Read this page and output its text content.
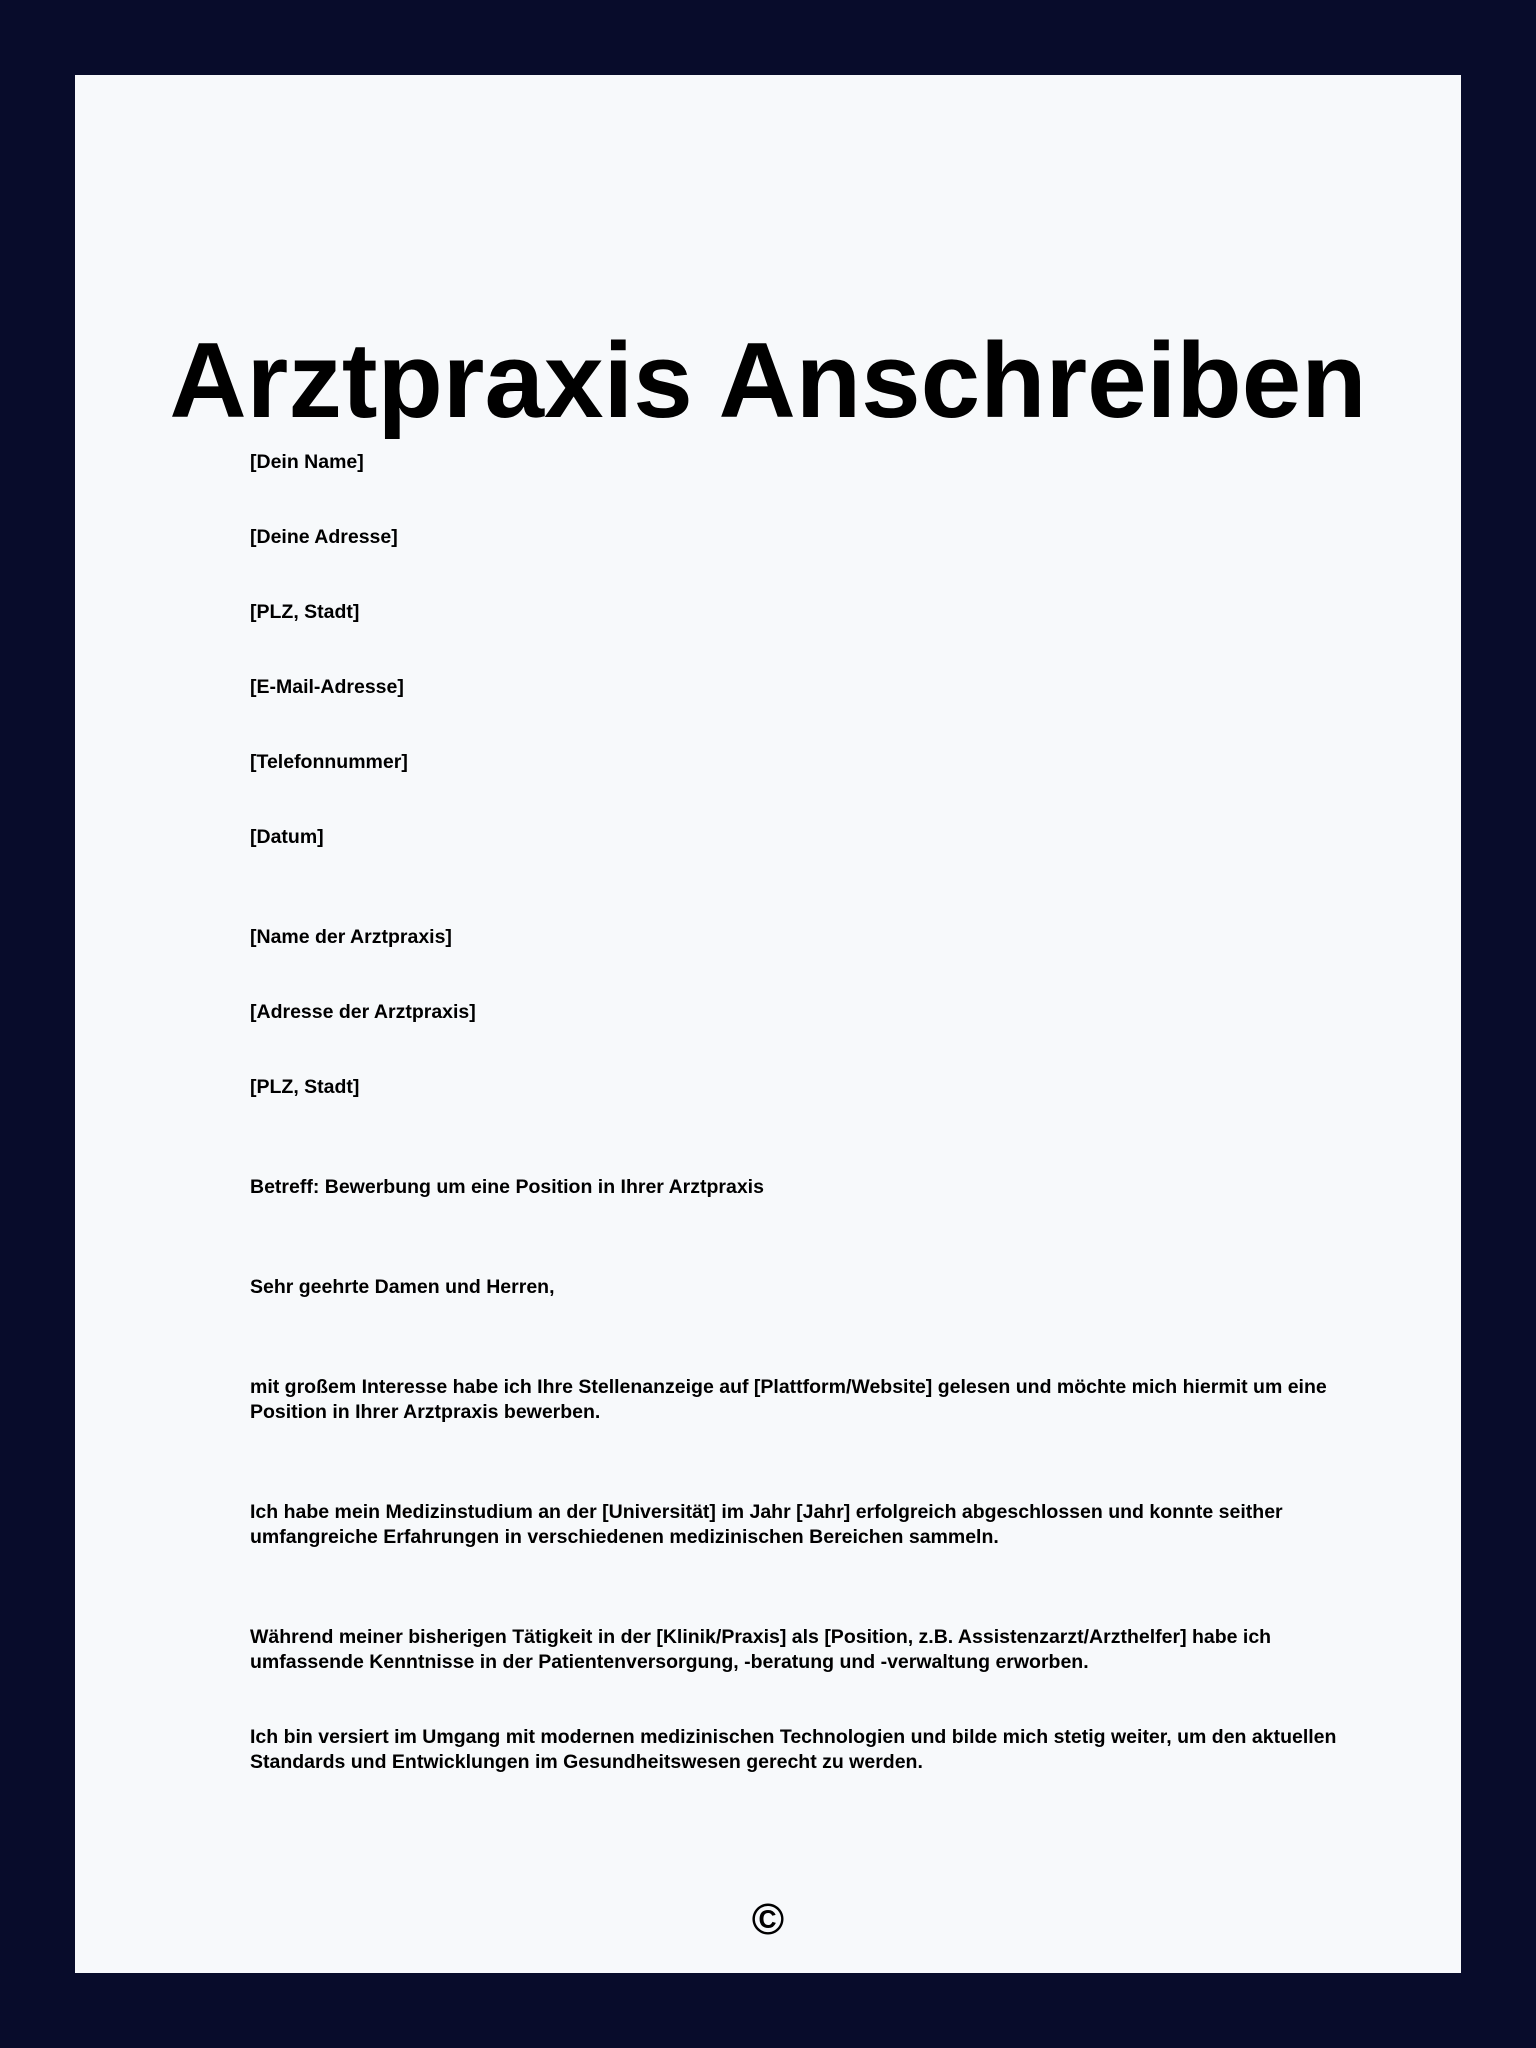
Arztpraxis Anschreiben

[Dein Name]

[Deine Adresse]

[PLZ, Stadt]

[E-Mail-Adresse]

[Telefonnummer]

[Datum]

[Name der Arztpraxis]

[Adresse der Arztpraxis]

[PLZ, Stadt]

Betreff: Bewerbung um eine Position in Ihrer Arztpraxis

Sehr geehrte Damen und Herren,

mit großem Interesse habe ich Ihre Stellenanzeige auf [Plattform/Website] gelesen und möchte mich hiermit um eine Position in Ihrer Arztpraxis bewerben.

Ich habe mein Medizinstudium an der [Universität] im Jahr [Jahr] erfolgreich abgeschlossen und konnte seither umfangreiche Erfahrungen in verschiedenen medizinischen Bereichen sammeln.

Während meiner bisherigen Tätigkeit in der [Klinik/Praxis] als [Position, z.B. Assistenzarzt/Arzthelfer] habe ich umfassende Kenntnisse in der Patientenversorgung, -beratung und -verwaltung erworben.

Ich bin versiert im Umgang mit modernen medizinischen Technologien und bilde mich stetig weiter, um den aktuellen Standards und Entwicklungen im Gesundheitswesen gerecht zu werden.

©
